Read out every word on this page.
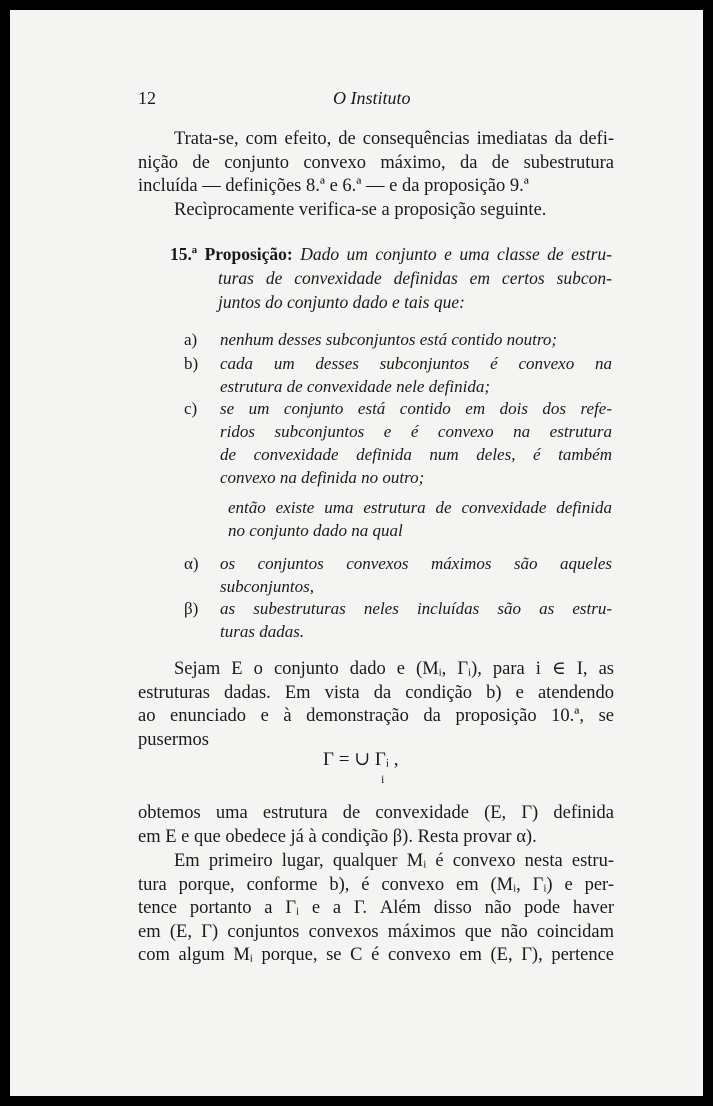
12	O Instituto
Trata-se, com efeito, de consequências imediatas da defi-
nição de conjunto convexo máximo, da de subestrutura
incluída — definições 8.ª e 6.ª — e da proposição 9.ª
Recìprocamente verifica-se a proposição seguinte.
15.ª Proposição: Dado um conjunto e uma classe de estru-
turas de convexidade definidas em certos subcon-
juntos do conjunto dado e tais que:
a) nenhum desses subconjuntos está contido noutro;
b) cada um desses subconjuntos é convexo na
estrutura de convexidade nele definida;
c) se um conjunto está contido em dois dos refe-
ridos subconjuntos e é convexo na estrutura
de convexidade definida num deles, é também
convexo na definida no outro;
então existe uma estrutura de convexidade definida
no conjunto dado na qual
α) os conjuntos convexos máximos são aqueles
subconjuntos,
β) as subestruturas neles incluídas são as estru-
turas dadas.
Sejam E o conjunto dado e (Mᵢ, Γᵢ), para i ∈ I, as
estruturas dadas. Em vista da condição b) e atendendo
ao enunciado e à demonstração da proposição 10.ª, se
pusermos
Γ = ∪ Γᵢ ,
i
obtemos uma estrutura de convexidade (E, Γ) definida
em E e que obedece já à condição β). Resta provar α).
Em primeiro lugar, qualquer Mᵢ é convexo nesta estru-
tura porque, conforme b), é convexo em (Mᵢ, Γᵢ) e per-
tence portanto a Γᵢ e a Γ. Além disso não pode haver
em (E, Γ) conjuntos convexos máximos que não coincidam
com algum Mᵢ porque, se C é convexo em (E, Γ), pertence
